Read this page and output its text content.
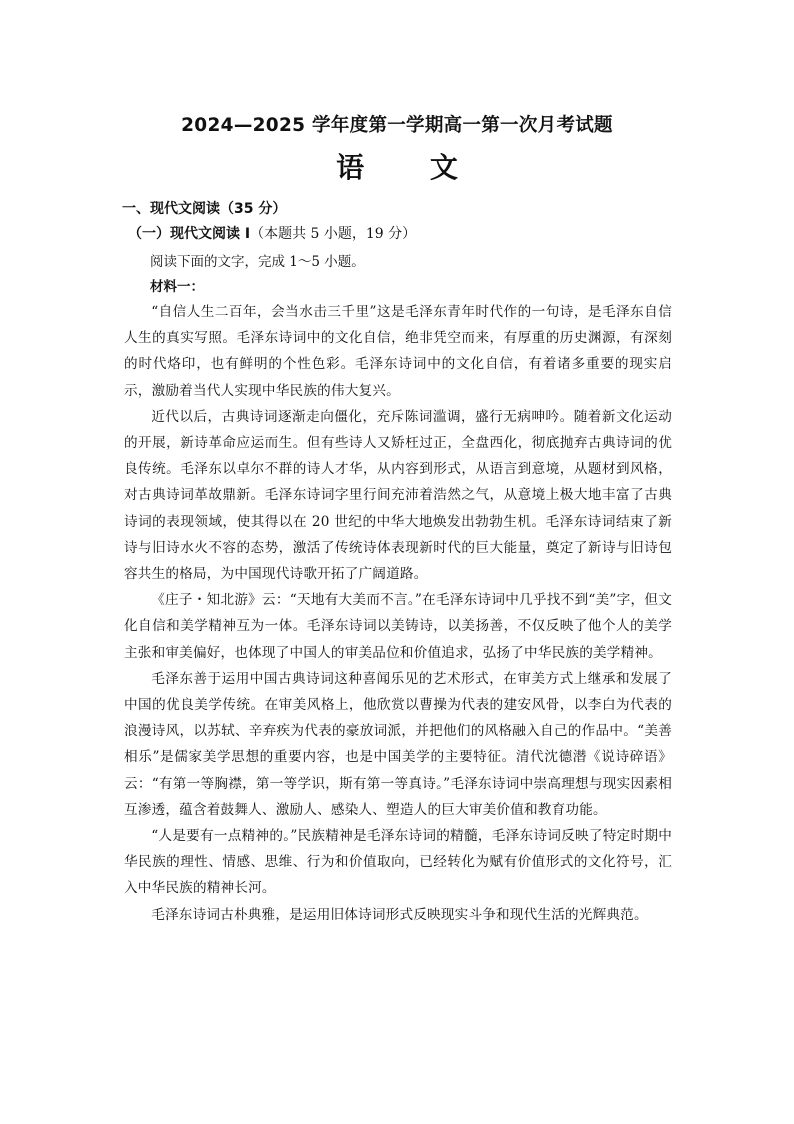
2024—2025 学年度第一学期高一第一次月考试题
语 文
一、现代文阅读（35 分）
（一）现代文阅读 I（本题共 5 小题，19 分）
阅读下面的文字，完成 1～5 小题。
材料一：

“自信人生二百年，会当水击三千里”这是毛泽东青年时代作的一句诗，是毛泽东自信人生的真实写照。毛泽东诗词中的文化自信，绝非凭空而来，有厚重的历史渊源，有深刻的时代烙印，也有鲜明的个性色彩。毛泽东诗词中的文化自信，有着诸多重要的现实启示，激励着当代人实现中华民族的伟大复兴。

近代以后，古典诗词逐渐走向僵化，充斥陈词滥调，盛行无病呻吟。随着新文化运动的开展，新诗革命应运而生。但有些诗人又矫枉过正，全盘西化，彻底抛弃古典诗词的优良传统。毛泽东以卓尔不群的诗人才华，从内容到形式，从语言到意境，从题材到风格，对古典诗词革故鼎新。毛泽东诗词字里行间充沛着浩然之气，从意境上极大地丰富了古典诗词的表现领域，使其得以在 20 世纪的中华大地焕发出勃勃生机。毛泽东诗词结束了新诗与旧诗水火不容的态势，激活了传统诗体表现新时代的巨大能量，奠定了新诗与旧诗包容共生的格局，为中国现代诗歌开拓了广阔道路。

《庄子・知北游》云：“天地有大美而不言。”在毛泽东诗词中几乎找不到“美”字，但文化自信和美学精神互为一体。毛泽东诗词以美铸诗，以美扬善，不仅反映了他个人的美学主张和审美偏好，也体现了中国人的审美品位和价值追求，弘扬了中华民族的美学精神。

毛泽东善于运用中国古典诗词这种喜闻乐见的艺术形式，在审美方式上继承和发展了中国的优良美学传统。在审美风格上，他欣赏以曹操为代表的建安风骨，以李白为代表的浪漫诗风，以苏轼、辛弃疾为代表的豪放词派，并把他们的风格融入自己的作品中。“美善相乐”是儒家美学思想的重要内容，也是中国美学的主要特征。清代沈德潜《说诗碎语》云：“有第一等胸襟，第一等学识，斯有第一等真诗。”毛泽东诗词中崇高理想与现实因素相互渗透，蕴含着鼓舞人、激励人、感染人、塑造人的巨大审美价值和教育功能。

“人是要有一点精神的。”民族精神是毛泽东诗词的精髓，毛泽东诗词反映了特定时期中华民族的理性、情感、思维、行为和价值取向，已经转化为赋有价值形式的文化符号，汇入中华民族的精神长河。

毛泽东诗词古朴典雅，是运用旧体诗词形式反映现实斗争和现代生活的光辉典范。
